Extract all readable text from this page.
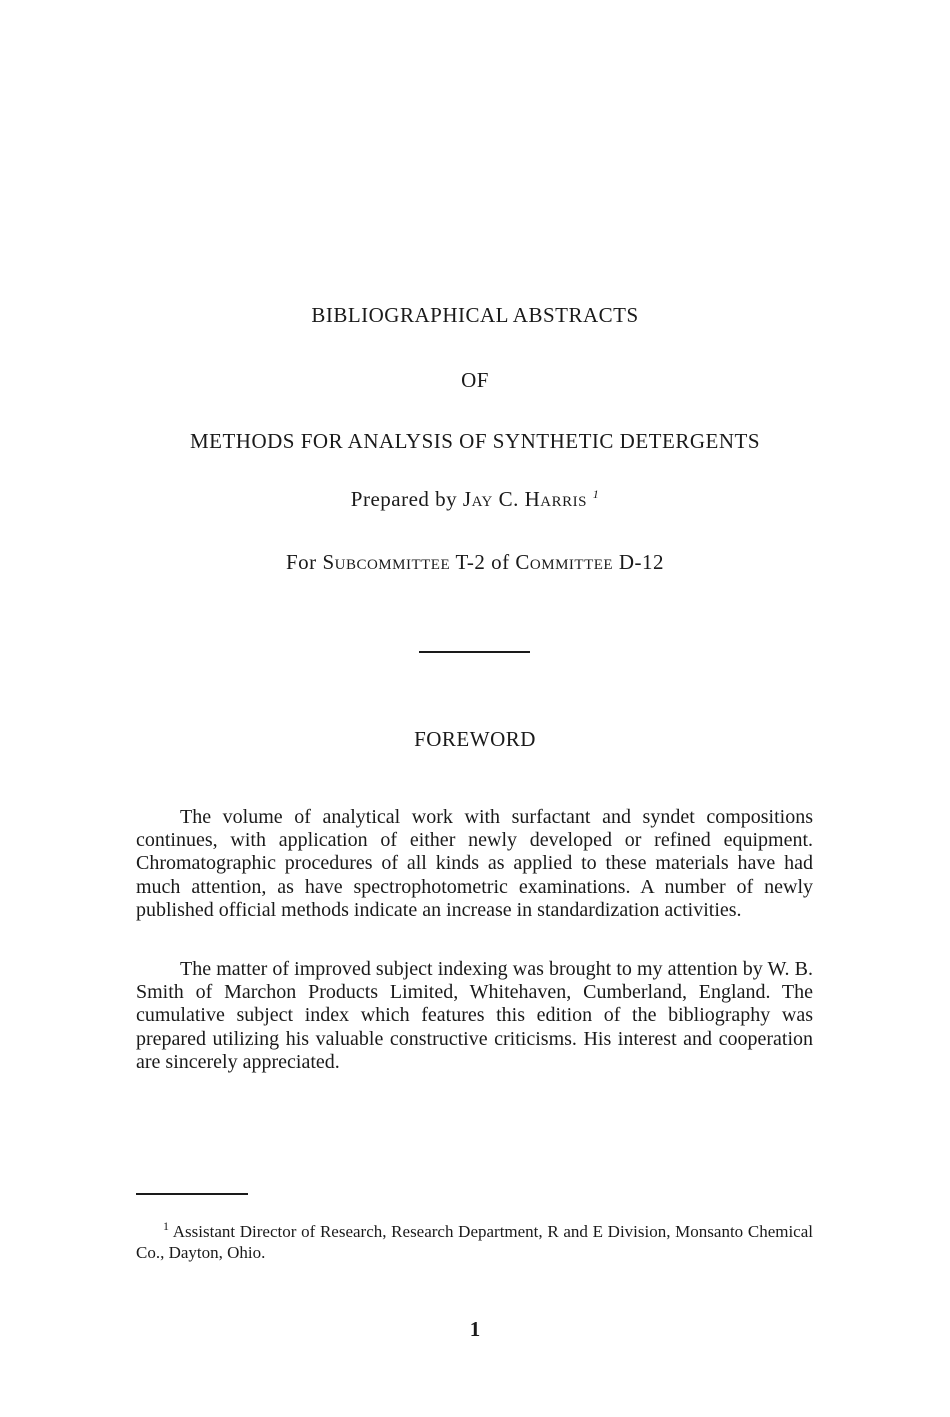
BIBLIOGRAPHICAL ABSTRACTS
OF
METHODS FOR ANALYSIS OF SYNTHETIC DETERGENTS
Prepared by Jay C. Harris $^1$
For Subcommittee T-2 of Committee D-12
FOREWORD

The volume of analytical work with surfactant and syndet compositions continues, with application of either newly developed or refined equipment. Chromatographic procedures of all kinds as applied to these materials have had much attention, as have spectrophotometric examinations. A number of newly published official methods indicate an increase in standardization activities.

The matter of improved subject indexing was brought to my attention by W. B. Smith of Marchon Products Limited, Whitehaven, Cumberland, England. The cumulative subject index which features this edition of the bibliography was prepared utilizing his valuable constructive criticisms. His interest and cooperation are sincerely appreciated.

$^1$ Assistant Director of Research, Research Department, R and E Division, Monsanto Chemical Co., Dayton, Ohio.

1
